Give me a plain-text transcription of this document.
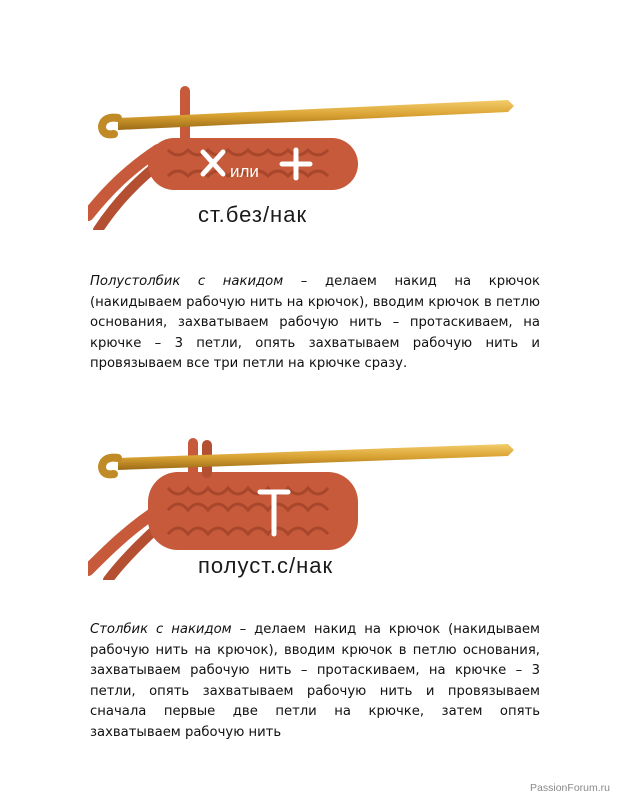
или
ст.без/нак

Полустолбик с накидом – делаем накид на крючок (накидываем рабочую нить на крючок), вводим крючок в петлю основания, захватываем рабочую нить – протаскиваем, на крючке – 3 петли, опять захватываем рабочую нить и провязываем все три петли на крючке сразу.

полуст.с/нак

Столбик с накидом – делаем накид на крючок (накидываем рабочую нить на крючок), вводим крючок в петлю основания, захватываем рабочую нить – протаскиваем, на крючке – 3 петли, опять захватываем рабочую нить и провязываем сначала первые две петли на крючке, затем опять захватываем рабочую нить

PassionForum.ru
